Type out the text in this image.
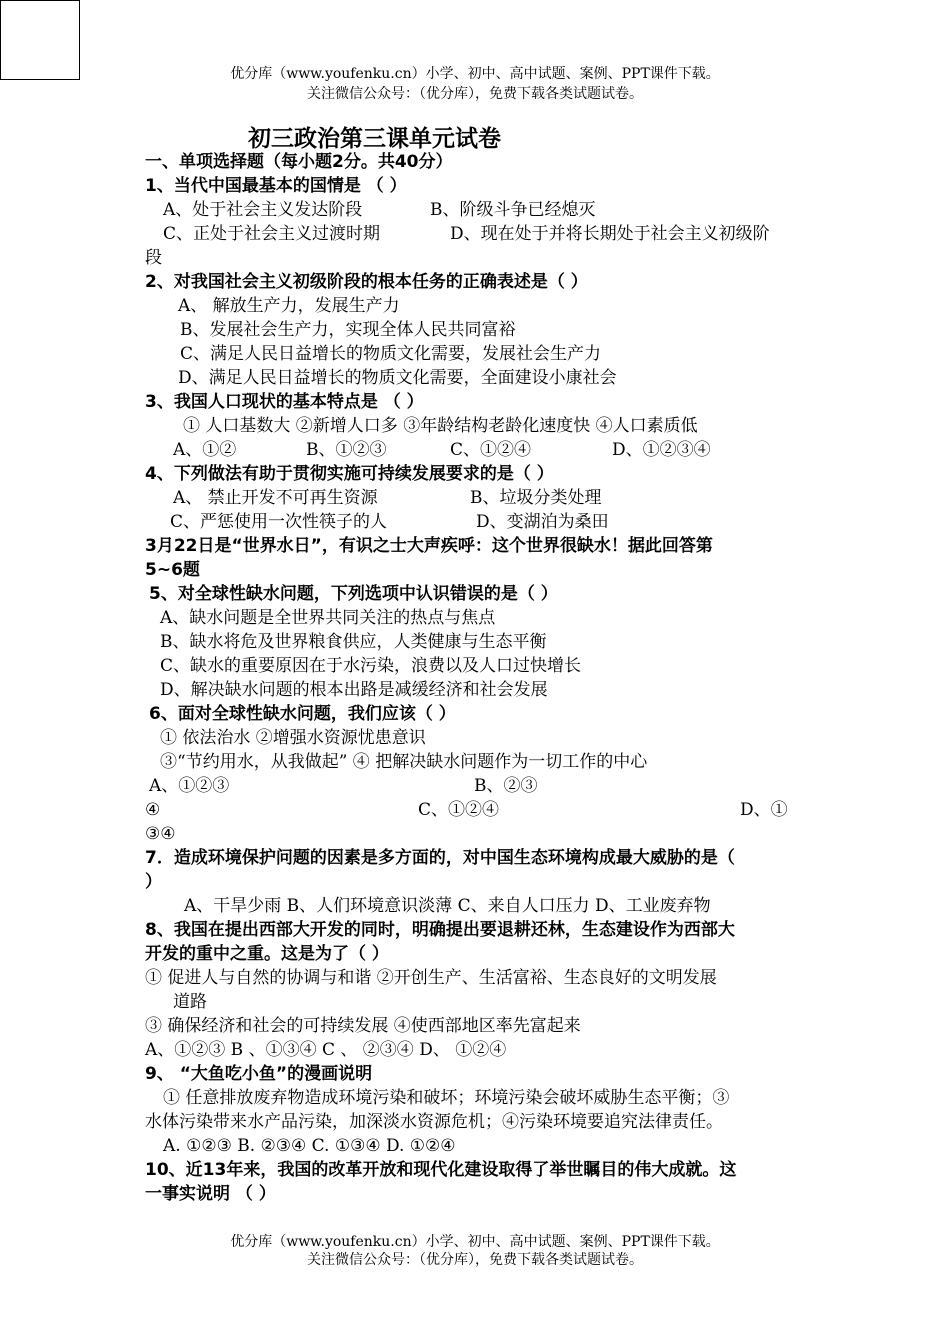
优分库（www.youfenku.cn）小学、初中、高中试题、案例、PPT课件下载。
关注微信公众号：（优分库），免费下载各类试题试卷。
初三政治第三课单元试卷
一、单项选择题（每小题2分。共40分）
1、当代中国最基本的国情是 （ ）
A、处于社会主义发达阶段	B、阶级斗争已经熄灭
C、正处于社会主义过渡时期	D、现在处于并将长期处于社会主义初级阶
段
2、对我国社会主义初级阶段的根本任务的正确表述是（ ）
A、 解放生产力，发展生产力
B、发展社会生产力，实现全体人民共同富裕
C、满足人民日益增长的物质文化需要，发展社会生产力
D、满足人民日益增长的物质文化需要，全面建设小康社会
3、我国人口现状的基本特点是 （ ）
① 人口基数大 ②新增人口多 ③年龄结构老龄化速度快 ④人口素质低
A、①②	B、①②③	C、①②④	D、①②③④
4、下列做法有助于贯彻实施可持续发展要求的是（ ）
A、 禁止开发不可再生资源	B、垃圾分类处理
C、严惩使用一次性筷子的人	D、变湖泊为桑田
3月22日是“世界水日”，有识之士大声疾呼：这个世界很缺水！据此回答第
5~6题
5、对全球性缺水问题，下列选项中认识错误的是（ ）
A、缺水问题是全世界共同关注的热点与焦点
B、缺水将危及世界粮食供应，人类健康与生态平衡
C、缺水的重要原因在于水污染，浪费以及人口过快增长
D、解决缺水问题的根本出路是减缓经济和社会发展
6、面对全球性缺水问题，我们应该（ ）
① 依法治水 ②增强水资源忧患意识
③“节约用水，从我做起” ④ 把解决缺水问题作为一切工作的中心
A、①②③	B、②③
④	C、①②④	D、①
③④
7．造成环境保护问题的因素是多方面的，对中国生态环境构成最大威胁的是（
）
A、干旱少雨 B、人们环境意识淡薄 C、来自人口压力 D、工业废弃物
8、我国在提出西部大开发的同时，明确提出要退耕还林，生态建设作为西部大
开发的重中之重。这是为了（ ）
① 促进人与自然的协调与和谐 ②开创生产、生活富裕、生态良好的文明发展
道路
③ 确保经济和社会的可持续发展 ④使西部地区率先富起来
A、①②③ B 、①③④ C 、 ②③④ D、 ①②④
9、 “大鱼吃小鱼”的漫画说明
① 任意排放废弃物造成环境污染和破坏；环境污染会破坏威胁生态平衡；③
水体污染带来水产品污染，加深淡水资源危机；④污染环境要追究法律责任。
A. ①②③ B. ②③④ C. ①③④ D. ①②④
10、近13年来，我国的改革开放和现代化建设取得了举世瞩目的伟大成就。这
一事实说明 （ ）
优分库（www.youfenku.cn）小学、初中、高中试题、案例、PPT课件下载。
关注微信公众号：（优分库），免费下载各类试题试卷。
